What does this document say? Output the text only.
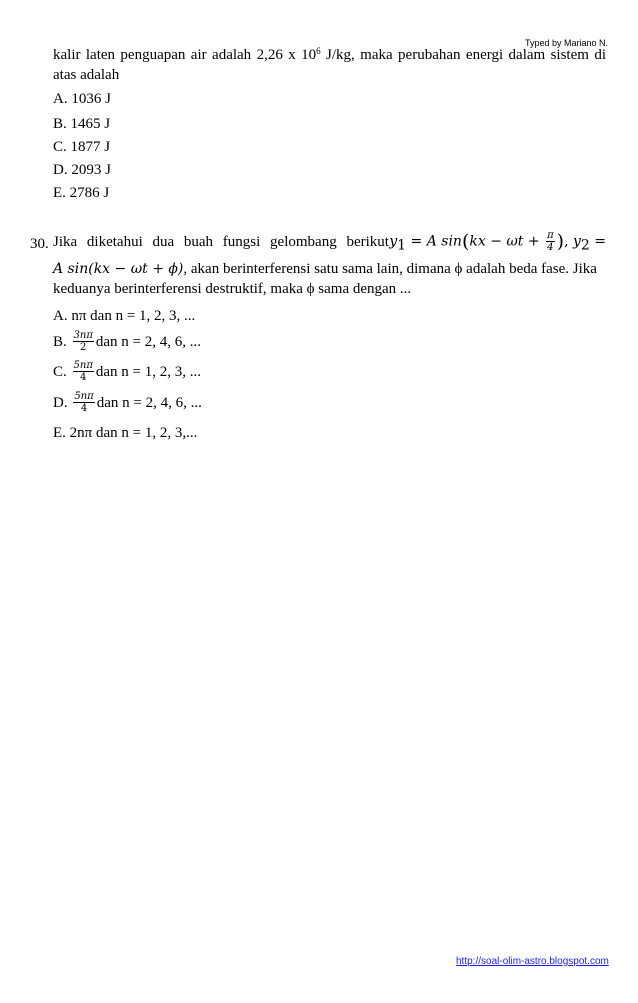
Typed by Mariano N.
kalir laten penguapan air adalah 2,26 x $10^6$ J/kg, maka perubahan energi dalam sistem di atas adalah
A. 1036 J
B. 1465 J
C. 1877 J
D. 2093 J
E. 2786 J
30. Jika diketahui dua buah fungsi gelombang berikut $y_1 = A$ $\sin(kx - \omega t + \frac{\pi}{4}$ ), $y_2$ =
A sin(kx − ωt + ϕ), akan berinterferensi satu sama lain, dimana ϕ adalah beda fase. Jika
keduanya berinterferensi destruktif, maka ϕ sama dengan ...
A. nπ dan n = 1, 2, 3, ...
B.
$\frac{3n\pi}{2}$ dan n = 2, 4, 6, ...
C.
$\frac{5n\pi}{4}$ dan n = 1, 2, 3, ...
D.
$\frac{5n\pi}{4}$ dan n = 2, 4, 6, ...
E. 2nπ dan n = 1, 2, 3,...
http://soal-olim-astro.blogspot.com
